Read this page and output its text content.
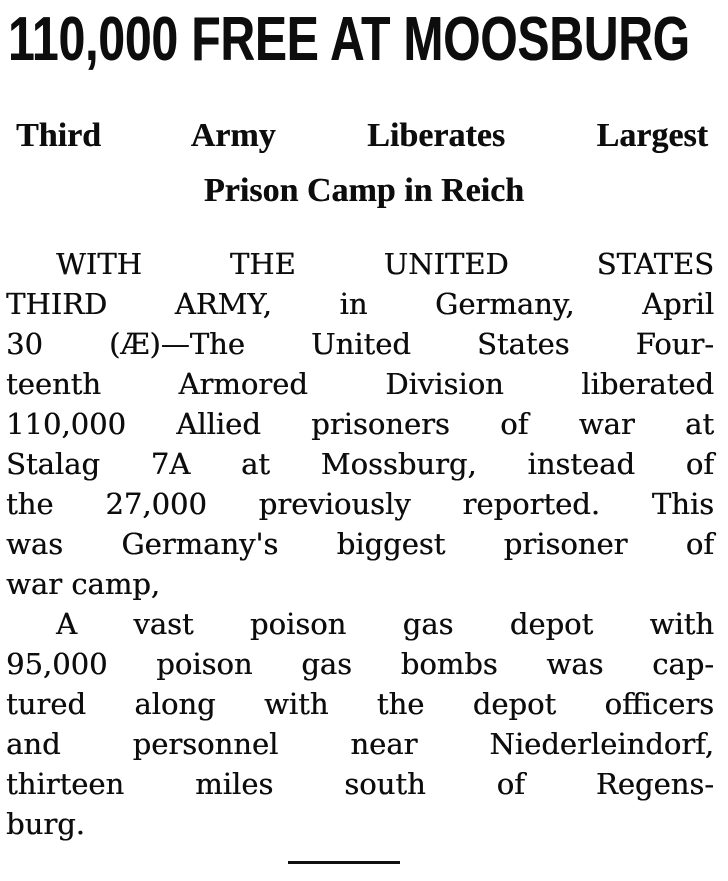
110,000 FREE AT MOOSBURG
Third Army Liberates Largest
Prison Camp in Reich

WITH THE UNITED STATES

THIRD ARMY, in Germany, April

30 (Æ)—The United States Four-

teenth Armored Division liberated

110,000 Allied prisoners of war at

Stalag 7A at Mossburg, instead of

the 27,000 previously reported. This

was Germany's biggest prisoner of

war camp,

A vast poison gas depot with

95,000 poison gas bombs was cap-

tured along with the depot officers

and personnel near Niederleindorf,

thirteen miles south of Regens-

burg.
